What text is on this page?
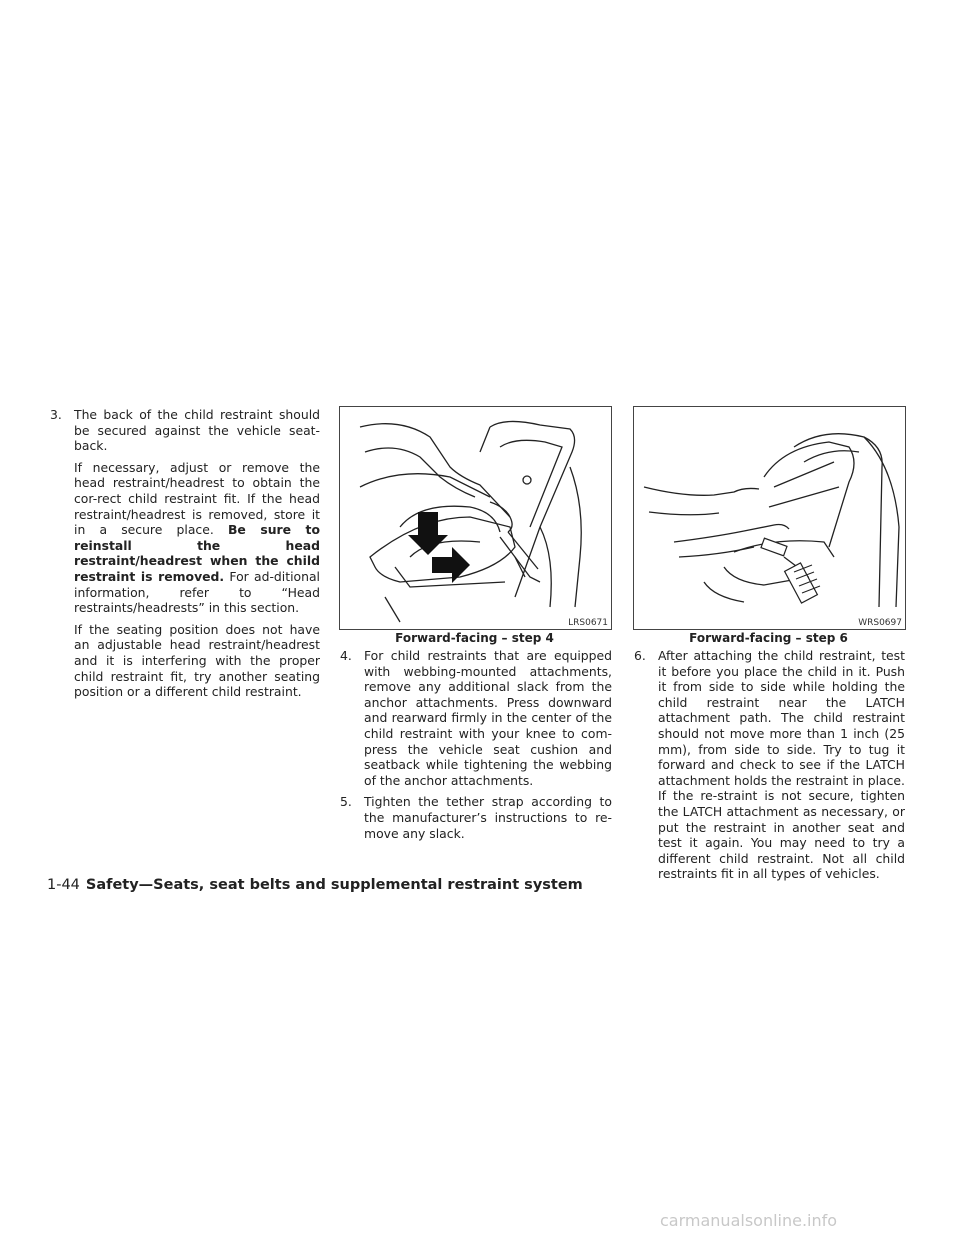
3. The back of the child restraint should be secured against the vehicle seat-back.

If necessary, adjust or remove the head restraint/headrest to obtain the cor-rect child restraint fit. If the head restraint/headrest is removed, store it in a secure place. Be sure to reinstall the head restraint/headrest when the child restraint is removed. For ad-ditional information, refer to “Head restraints/headrests” in this section.

If the seating position does not have an adjustable head restraint/headrest and it is interfering with the proper child restraint fit, try another seating position or a different child restraint.

LRS0671
Forward-facing – step 4
WRS0697
Forward-facing – step 6
4. For child restraints that are equipped with webbing-mounted attachments, remove any additional slack from the anchor attachments. Press downward and rearward firmly in the center of the child restraint with your knee to com-press the vehicle seat cushion and seatback while tightening the webbing of the anchor attachments.
5. Tighten the tether strap according to the manufacturer’s instructions to re-move any slack.
6. After attaching the child restraint, test it before you place the child in it. Push it from side to side while holding the child restraint near the LATCH attachment path. The child restraint should not move more than 1 inch (25 mm), from side to side. Try to tug it forward and check to see if the LATCH attachment holds the restraint in place. If the re-straint is not secure, tighten the LATCH attachment as necessary, or put the restraint in another seat and test it again. You may need to try a different child restraint. Not all child restraints fit in all types of vehicles.
1-44 Safety—Seats, seat belts and supplemental restraint system
carmanualsonline.info
